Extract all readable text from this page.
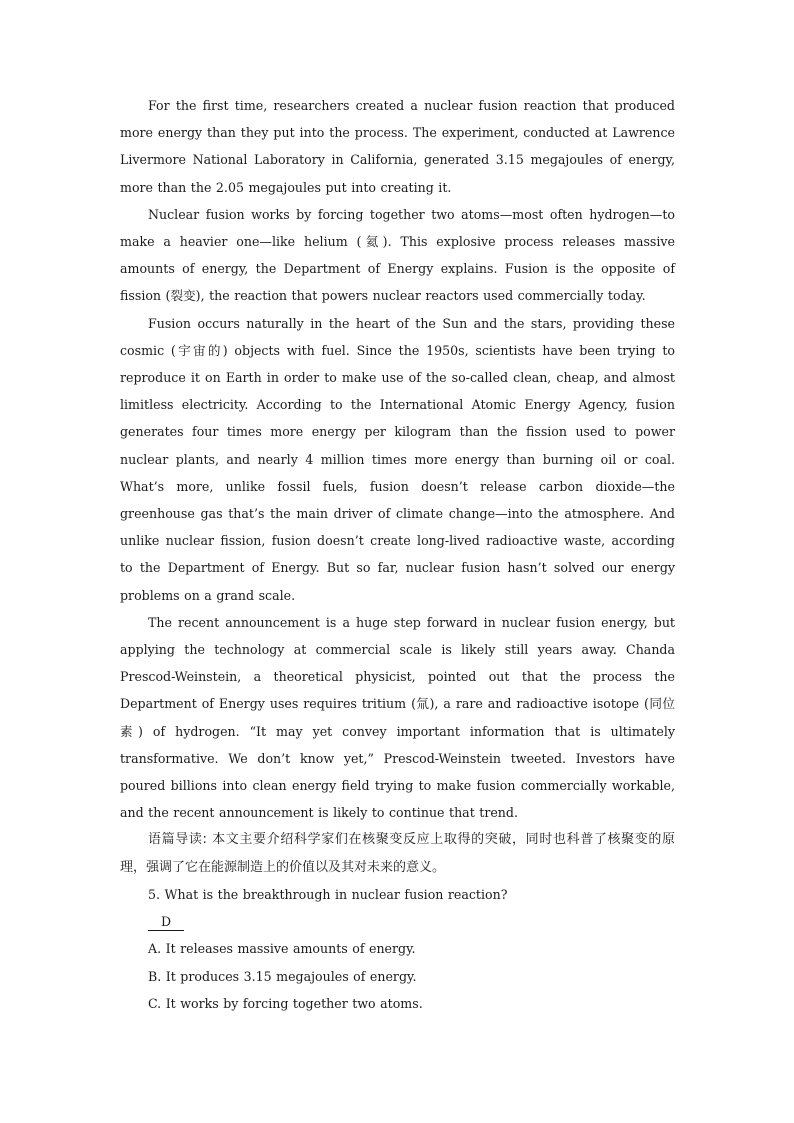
For the first time, researchers created a nuclear fusion reaction that produced more energy than they put into the process. The experiment, conducted at Lawrence Livermore National Laboratory in California, generated 3.15 megajoules of energy, more than the 2.05 megajoules put into creating it.

Nuclear fusion works by forcing together two atoms—most often hydrogen—to make a heavier one—like helium (氦). This explosive process releases massive amounts of energy, the Department of Energy explains. Fusion is the opposite of fission (裂变), the reaction that powers nuclear reactors used commercially today.

Fusion occurs naturally in the heart of the Sun and the stars, providing these cosmic (宇宙的) objects with fuel. Since the 1950s, scientists have been trying to reproduce it on Earth in order to make use of the so-called clean, cheap, and almost limitless electricity. According to the International Atomic Energy Agency, fusion generates four times more energy per kilogram than the fission used to power nuclear plants, and nearly 4 million times more energy than burning oil or coal. What’s more, unlike fossil fuels, fusion doesn’t release carbon dioxide—the greenhouse gas that’s the main driver of climate change—into the atmosphere. And unlike nuclear fission, fusion doesn’t create long-lived radioactive waste, according to the Department of Energy. But so far, nuclear fusion hasn’t solved our energy problems on a grand scale.

The recent announcement is a huge step forward in nuclear fusion energy, but applying the technology at commercial scale is likely still years away. Chanda Prescod-Weinstein, a theoretical physicist, pointed out that the process the Department of Energy uses requires tritium (氚), a rare and radioactive isotope (同位素) of hydrogen. “It may yet convey important information that is ultimately transformative. We don’t know yet,” Prescod-Weinstein tweeted. Investors have poured billions into clean energy field trying to make fusion commercially workable, and the recent announcement is likely to continue that trend.

语篇导读: 本文主要介绍科学家们在核聚变反应上取得的突破，同时也科普了核聚变的原理，强调了它在能源制造上的价值以及其对未来的意义。

5. What is the breakthrough in nuclear fusion reaction?

D

A. It releases massive amounts of energy.

B. It produces 3.15 megajoules of energy.

C. It works by forcing together two atoms.
